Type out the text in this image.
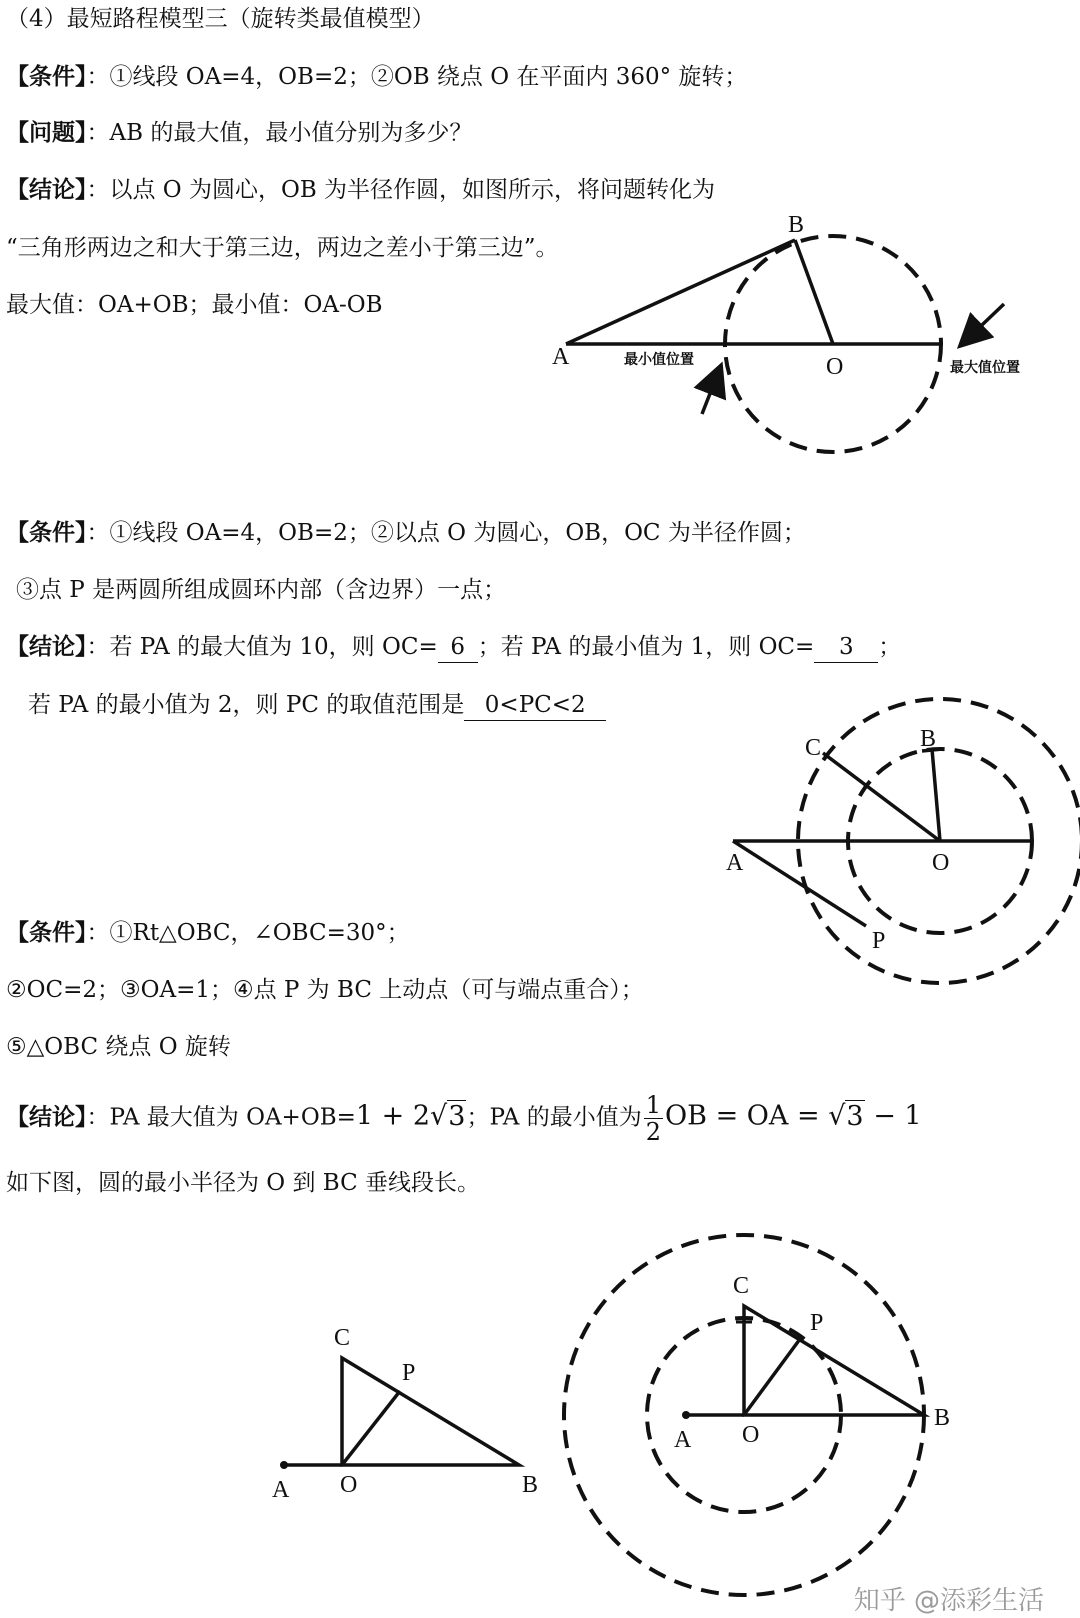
（4）最短路程模型三（旋转类最值模型）

【条件】：①线段 OA=4，OB=2；②OB 绕点 O 在平面内 360° 旋转；

【问题】：AB 的最大值，最小值分别为多少？

【结论】：以点 O 为圆心，OB 为半径作圆，如图所示，将问题转化为

“三角形两边之和大于第三边，两边之差小于第三边”。

最大值：OA+OB；最小值：OA-OB

【条件】：①线段 OA=4，OB=2；②以点 O 为圆心，OB，OC 为半径作圆；

③点 P 是两圆所组成圆环内部（含边界）一点；

【结论】：若 PA 的最大值为 10，则 OC= 6 ；若 PA 的最小值为 1，则 OC= 3 ；

若 PA 的最小值为 2，则 PC 的取值范围是 0<PC<2

【条件】：①Rt△OBC，∠OBC=30°；

②OC=2；③OA=1；④点 P 为 BC 上动点（可与端点重合）；

⑤△OBC 绕点 O 旋转

【结论】：PA 最大值为 OA+OB=1 + 2√3；PA 的最小值为 $\frac{1}{2}$ OB = OA = √3 − 1

如下图，圆的最小半径为 O 到 BC 垂线段长。

A
B
O
最小值位置	最大值位置
A
B
C
O
P
A
C
O	B
P
A
C
O
B
P
知乎 @添彩生活
